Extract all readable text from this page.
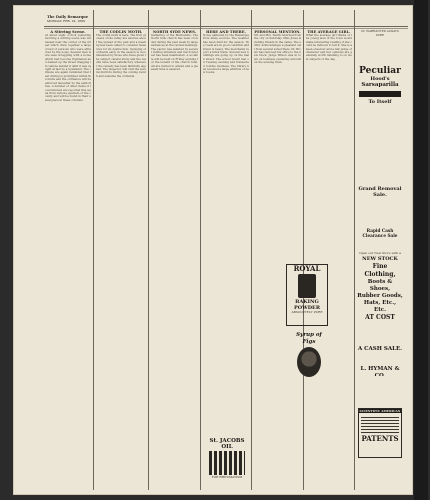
The Daily Remarque
MONDAY, FEB. 19, 1889
A Stirring Scene.
At about eight o'clock yesterday morning a stirring scene was witnessed near the corner of the street which drew together a large crowd of persons who were attracted by the noise. Several men were seen struggling with a horse which had become frightened and dashed up the street dragging its vehicle behind it until it was caught at last by a bystander. The citizens are again reminded that fast driving is prohibited within the limits and the ordinance will be enforced hereafter by the authorities. A number of other items of local interest are reported this week from various quarters of the county and will be found in their usual place in these columns.
THE CODLIN MOTH.
The codlin moth is here. The fruit growers of the valley are anxious about the spread of the pest and a meeting has been called to consider measures for its destruction. Spraying of orchards early in the season is recommended by those who have given the subject careful study and the results have been satisfactory wherever the remedy has been faithfully applied. The inspector will visit the several districts during the coming month and examine the orchards.
NORTH SYDE NEWS.
Gathering of the Methodists. The North Side church has been crowded during the past week by large audiences at the revival meetings. The pastor was assisted by several visiting ministers and much interest has been manifested. A sociable will be held on Friday evening for the benefit of the church fund. All are invited to attend and a pleasant time is assured.
HERE AND THERE.
Notes gathered by the Remarque from many sources. The weather has been mild for the season. The roads are in good condition and travel is heavy. The merchants report a brisk trade. Several new buildings are going up on the main street. The school board met on Tuesday evening and transacted routine business. The library has received a large addition of new books.
PERSONAL MENTION.
Mr. and Mrs. Smith returned from the city on Saturday. Miss Jones is visiting friends in the valley. The editor acknowledges a pleasant call from several subscribers. Dr. Brown has removed his office to the new block. Judge Wilson was in town on business yesterday and left on the evening train.
THE AVERAGE GIRL.
What the average girl thinks of the young men of the town would make interesting reading if she could be induced to tell it. She is a keen observer and a fair judge of character and her opinions are generally worth listening to on most subjects of the day.
ROYAL
BAKING
POWDER
ABSOLUTELY PURE
Syrup of Figs
St. JACOBS OIL
FOR RHEUMATISM
Dr. WARRANTED ALWAYS SURE
Peculiar
Hood's
Sarsaparilla
To Itself
Grand Removal Sale.
Rapid Cash Clearance Sale
Open our New Store with a
NEW STOCK
Fine Clothing,
Boots & Shoes,
Rubber Goods,
Hats, Etc., Etc.
AT COST
A CASH SALE.
L. HYMAN & CO.
SCIENTIFIC AMERICAN
PATENTS
